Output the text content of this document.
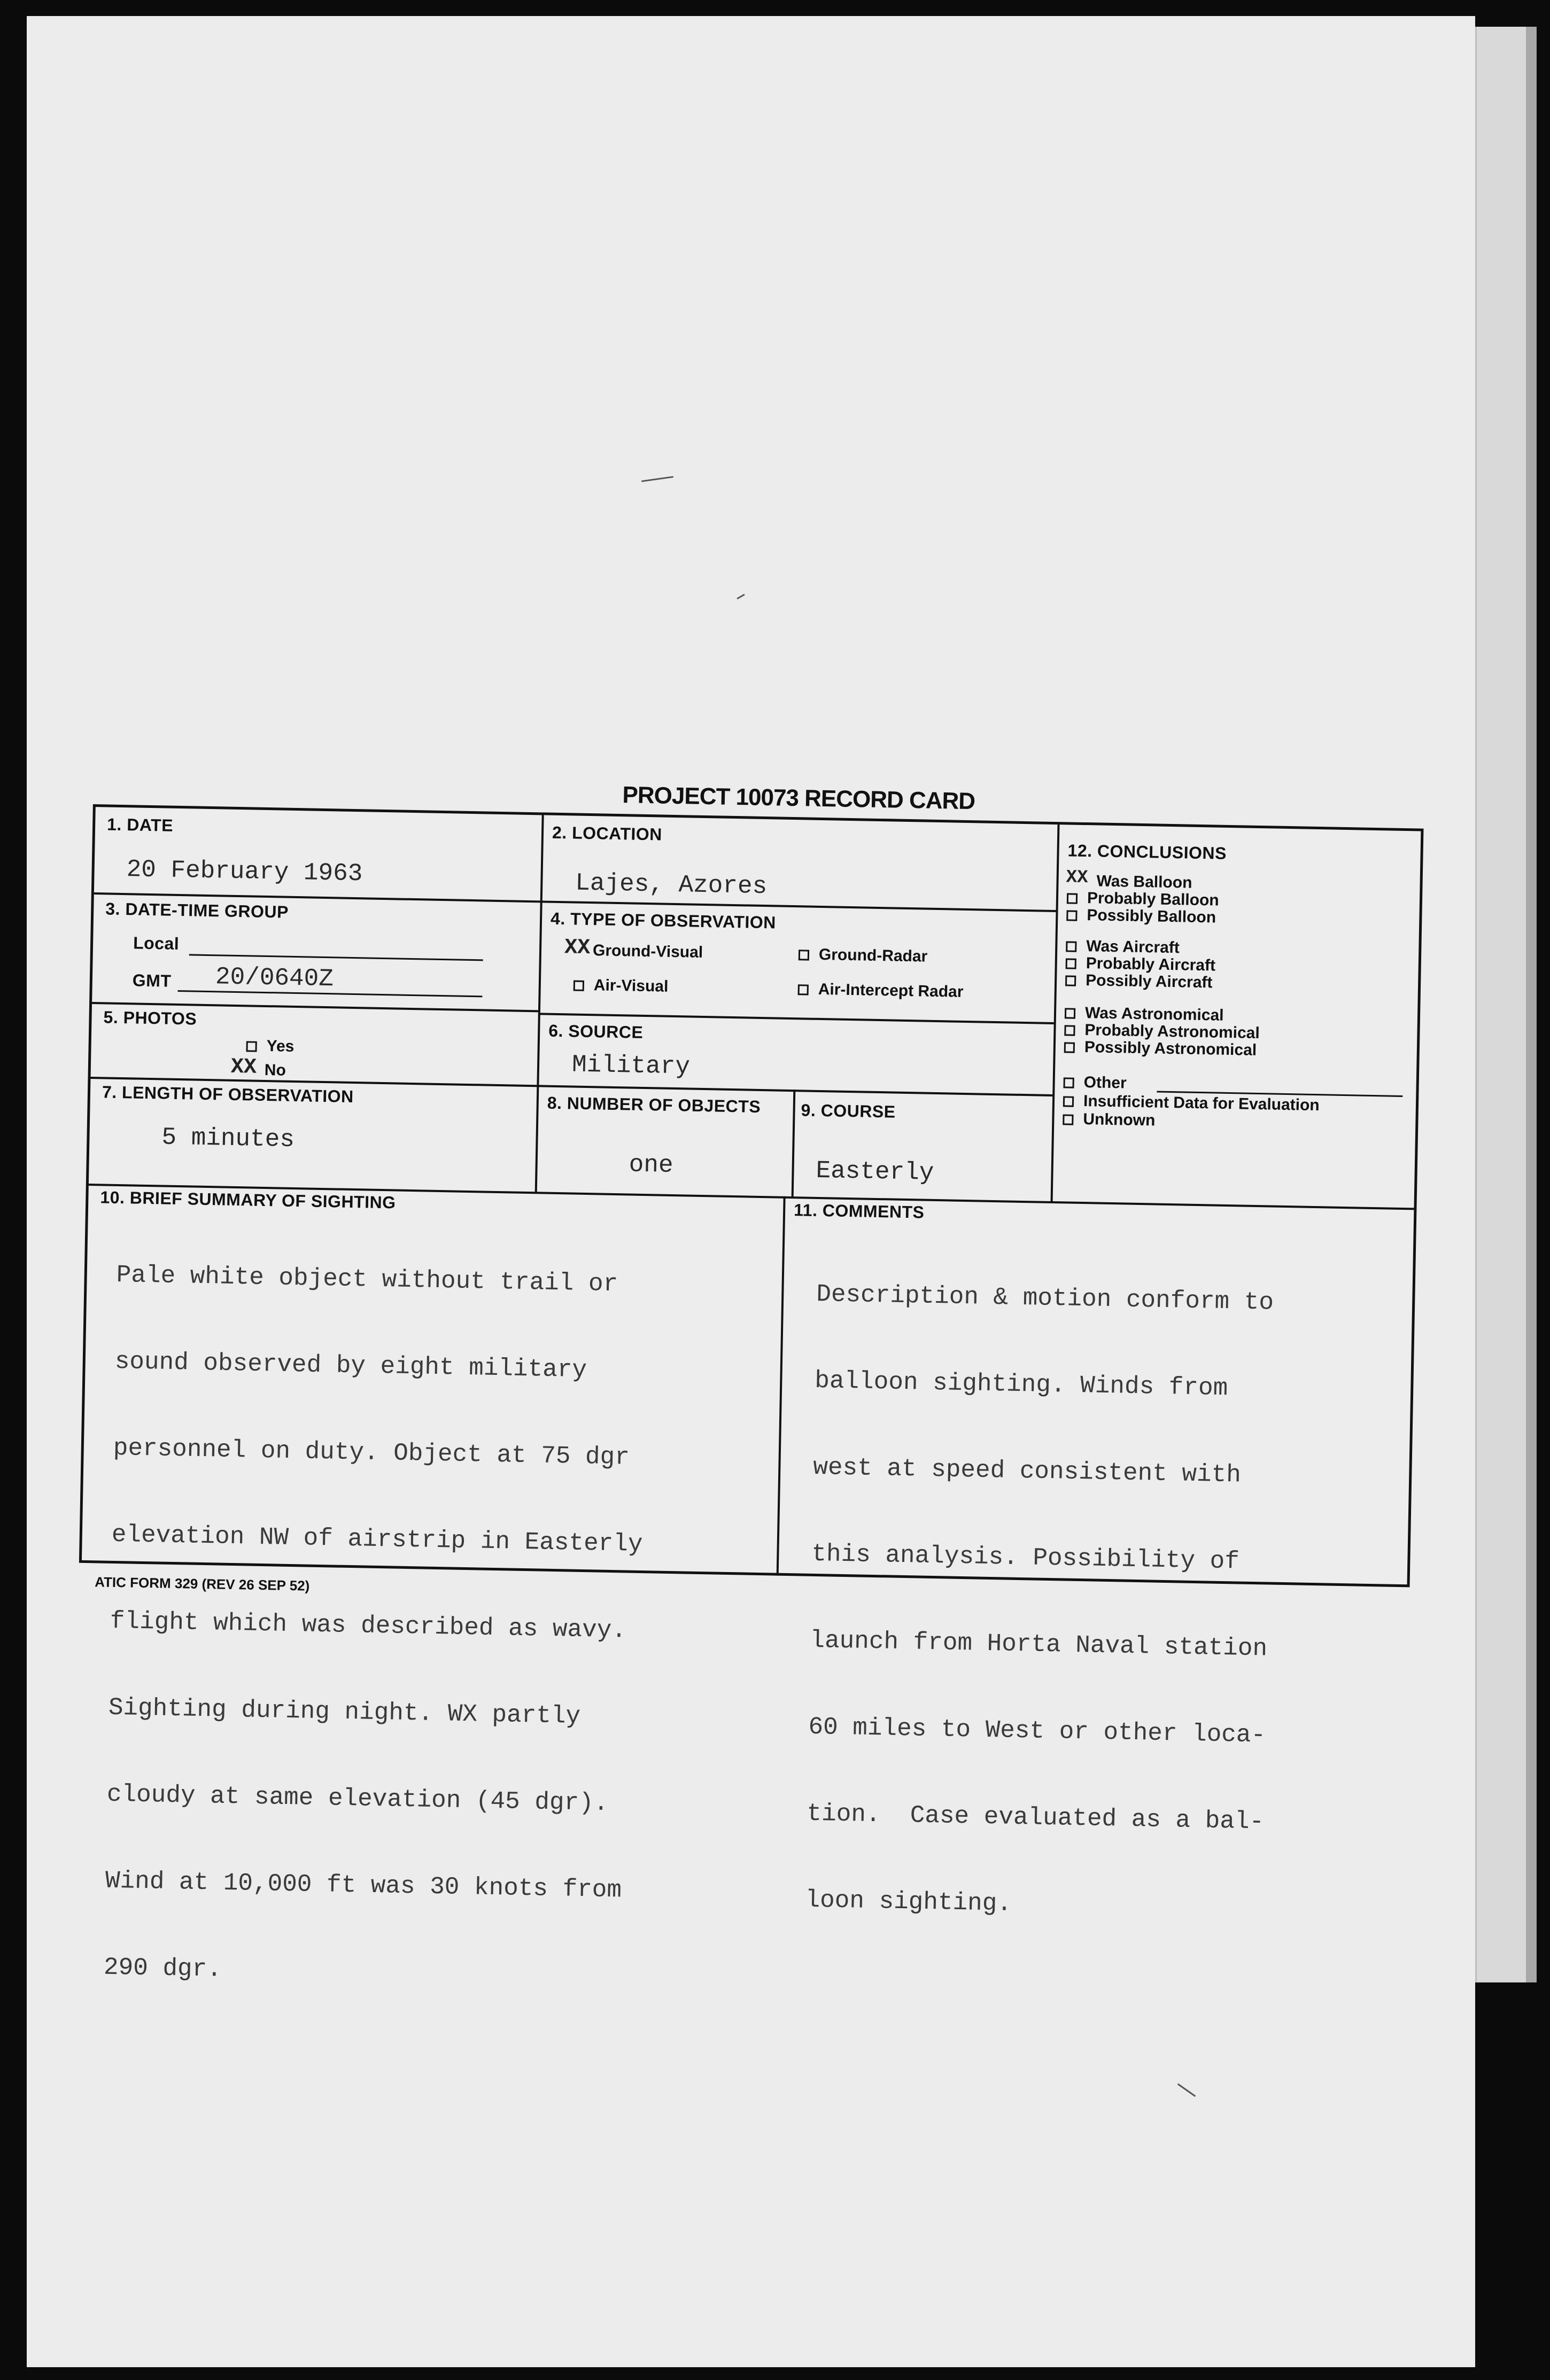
PROJECT 10073 RECORD CARD
1. DATE
20 February 1963
2. LOCATION
Lajes, Azores
3. DATE-TIME GROUP
Local
GMT 20/0640Z
4. TYPE OF OBSERVATION
XX Ground-Visual	Ground-Radar
Air-Visual	Air-Intercept Radar
5. PHOTOS
Yes
XX No
6. SOURCE
Military
7. LENGTH OF OBSERVATION
5 minutes
8. NUMBER OF OBJECTS
one
9. COURSE
Easterly
12. CONCLUSIONS
XX Was Balloon
Probably Balloon
Possibly Balloon
Was Aircraft
Probably Aircraft
Possibly Aircraft
Was Astronomical
Probably Astronomical
Possibly Astronomical
Other
Insufficient Data for Evaluation
Unknown
10. BRIEF SUMMARY OF SIGHTING

Pale white object without trail or

sound observed by eight military

personnel on duty. Object at 75 dgr

elevation NW of airstrip in Easterly

flight which was described as wavy.

Sighting during night. WX partly

cloudy at same elevation (45 dgr).

Wind at 10,000 ft was 30 knots from

290 dgr.

11. COMMENTS

Description & motion conform to

balloon sighting. Winds from

west at speed consistent with

this analysis. Possibility of

launch from Horta Naval station

60 miles to West or other loca-

tion.  Case evaluated as a bal-

loon sighting.

ATIC FORM 329 (REV 26 SEP 52)
